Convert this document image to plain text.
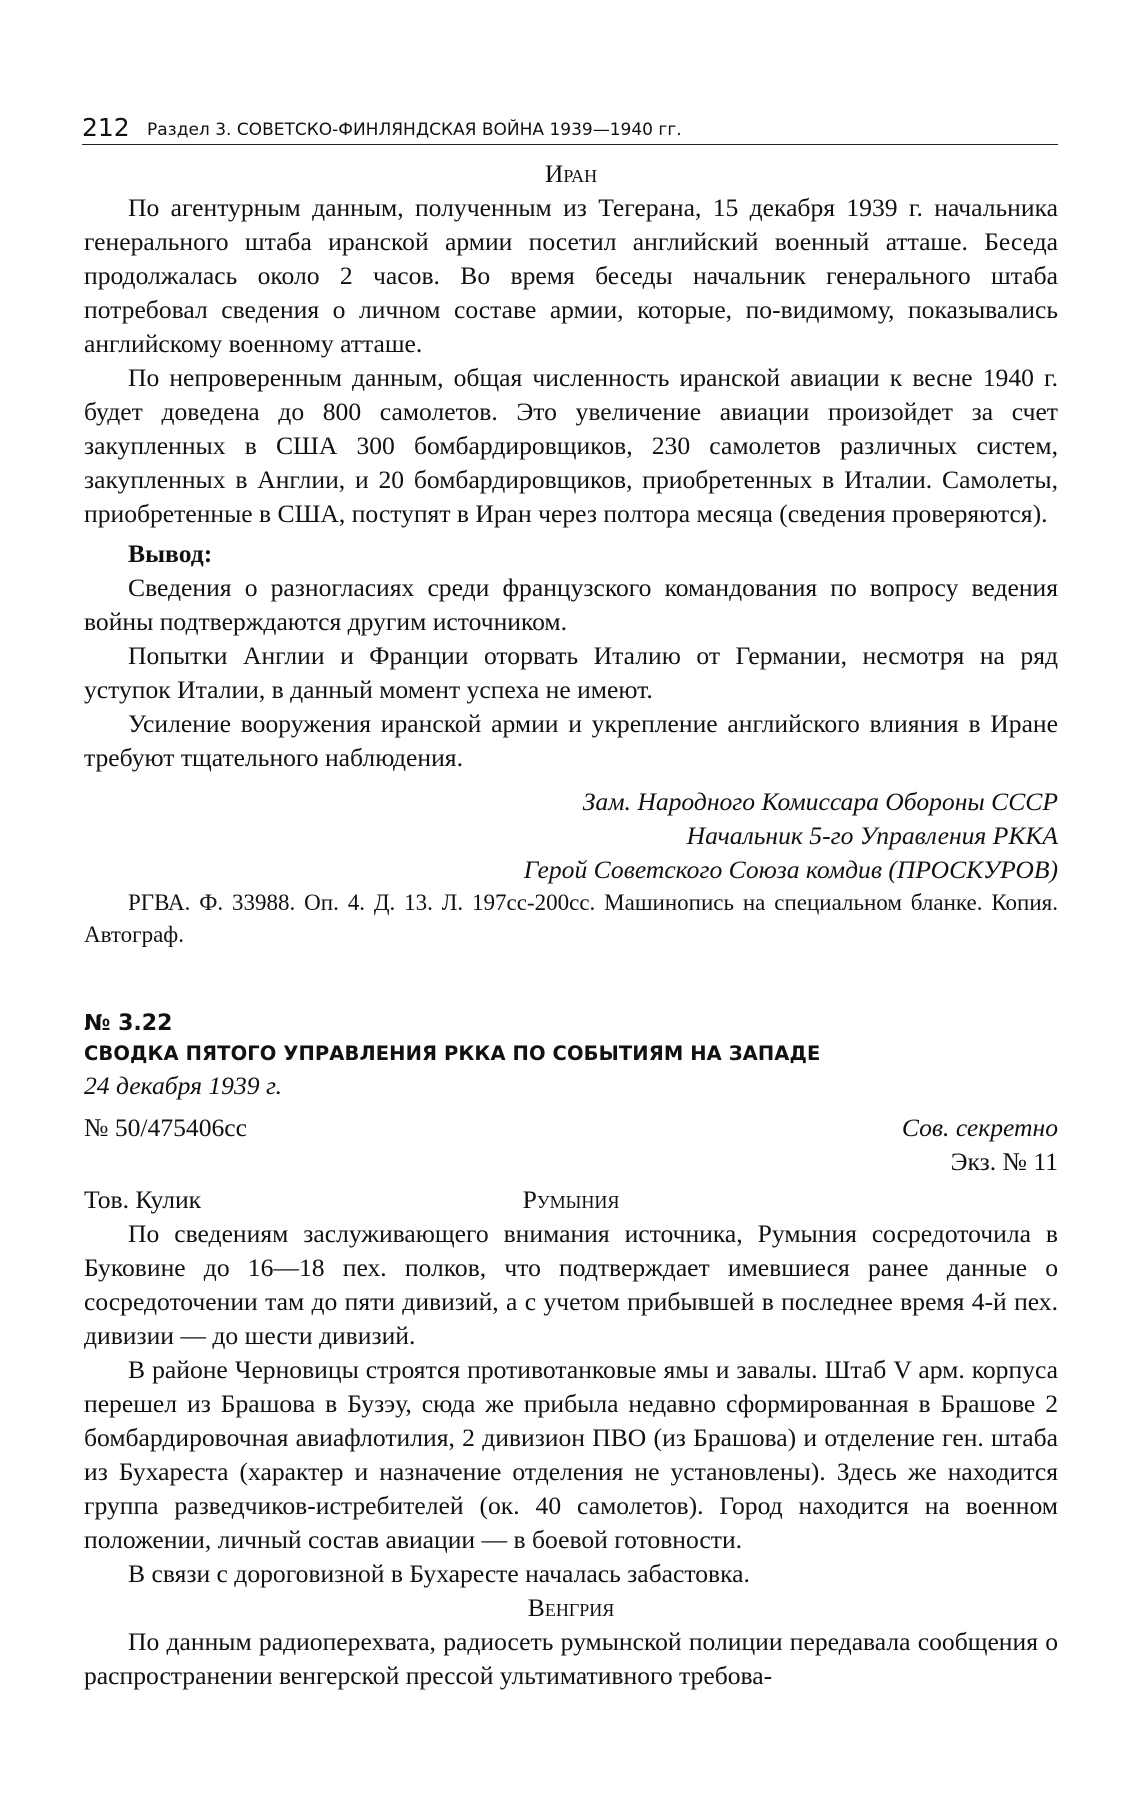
212 Раздел 3. СОВЕТСКО-ФИНЛЯНДСКАЯ ВОЙНА 1939—1940 гг.
Иран

По агентурным данным, полученным из Тегерана, 15 декабря 1939 г. начальника генерального штаба иранской армии посетил английский военный атташе. Беседа продолжалась около 2 часов. Во время беседы начальник генерального штаба потребовал сведения о личном составе армии, которые, по-видимому, показывались английскому военному атташе.

По непроверенным данным, общая численность иранской авиации к весне 1940 г. будет доведена до 800 самолетов. Это увеличение авиации произойдет за счет закупленных в США 300 бомбардировщиков, 230 самолетов различных систем, закупленных в Англии, и 20 бомбардировщиков, приобретенных в Италии. Самолеты, приобретенные в США, поступят в Иран через полтора месяца (сведения проверяются).

Вывод:

Сведения о разногласиях среди французского командования по вопросу ведения войны подтверждаются другим источником.

Попытки Англии и Франции оторвать Италию от Германии, несмотря на ряд уступок Италии, в данный момент успеха не имеют.

Усиление вооружения иранской армии и укрепление английского влияния в Иране требуют тщательного наблюдения.

Зам. Народного Комиссара Обороны СССР
Начальник 5-го Управления РККА
Герой Советского Союза комдив (ПРОСКУРОВ)

РГВА. Ф. 33988. Оп. 4. Д. 13. Л. 197сс-200сс. Машинопись на специальном бланке. Копия. Автограф.

№ 3.22
СВОДКА ПЯТОГО УПРАВЛЕНИЯ РККА ПО СОБЫТИЯМ НА ЗАПАДЕ
24 декабря 1939 г.
№ 50/475406сс	Сов. секретно
Экз. № 11
Тов. Кулик	Румыния

По сведениям заслуживающего внимания источника, Румыния сосредоточила в Буковине до 16—18 пех. полков, что подтверждает имевшиеся ранее данные о сосредоточении там до пяти дивизий, а с учетом прибывшей в последнее время 4-й пех. дивизии — до шести дивизий.

В районе Черновицы строятся противотанковые ямы и завалы. Штаб V арм. корпуса перешел из Брашова в Бузэу, сюда же прибыла недавно сформированная в Брашове 2 бомбардировочная авиафлотилия, 2 дивизион ПВО (из Брашова) и отделение ген. штаба из Бухареста (характер и назначение отделения не установлены). Здесь же находится группа разведчиков-истребителей (ок. 40 самолетов). Город находится на военном положении, личный состав авиации — в боевой готовности.

В связи с дороговизной в Бухаресте началась забастовка.

Венгрия

По данным радиоперехвата, радиосеть румынской полиции передавала сообщения о распространении венгерской прессой ультимативного требова-
